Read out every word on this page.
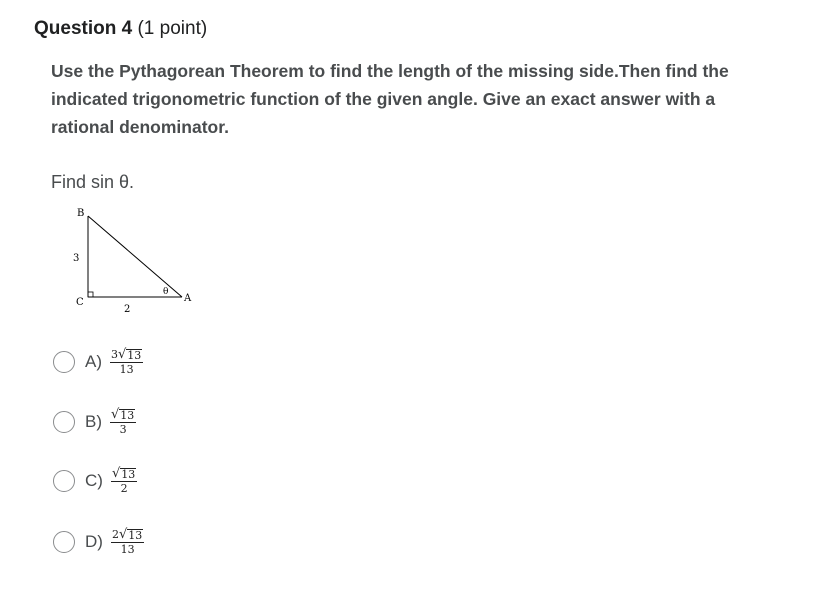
Question 4 (1 point)
Use the Pythagorean Theorem to find the length of the missing side.Then find the indicated trigonometric function of the given angle. Give an exact answer with a rational denominator.
Find sin θ.
B
C	A
3
2
θ
$A) \frac{3 √ 13}{13}$
$B) \frac{√ 13}{3}$
$C) \frac{√ 13}{2}$
$D) \frac{2 √ 13}{13}$
